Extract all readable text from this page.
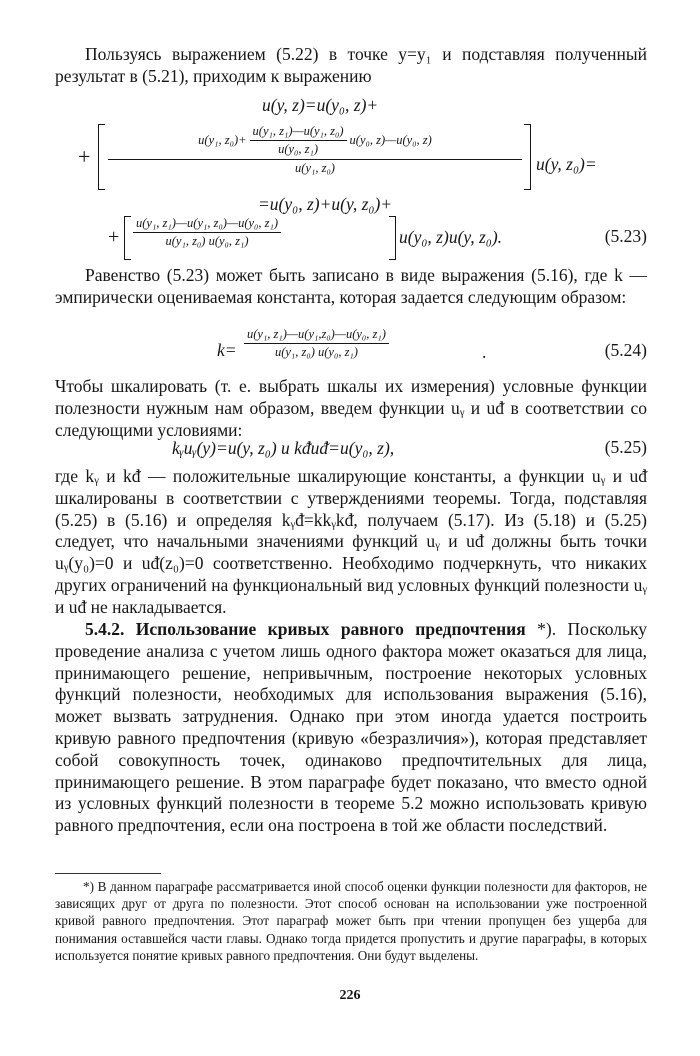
Пользуясь выражением (5.22) в точке y=y₁ и подставляя полученный результат в (5.21), приходим к выражению
u(y, z)=u(y₀, z)+
+
u(y₁, $z_0)+ \frac{\text{u(y₁, z₁)—u(y₁, z₀)}}{\text{u(y₀, z₁)}} u(y_0$, z)—u(y₀, z)
u(y₁, z₀)	u(y, z₀)=
=u(y₀, z)+u(y, z₀)+
+ $\frac{\text{u(y₁, z₁)—u(y₁, z₀)—u(y₀, z₁)}}{\text{u(y₁, z₀) u(y₀, z₁)}}$	u(y₀, z)u(y, z₀).	(5.23)
Равенство (5.23) может быть записано в виде выражения (5.16), где k — эмпирически оцениваемая константа, которая задается следующим образом:
$k= \frac{\text{u(y₁, z₁)—u(y₁,z₀)—u(y₀, z₁)}}{\text{u(y₁, z₀) u(y₀, z₁)}}$	.	(5.24)
Чтобы шкалировать (т. е. выбрать шкалы их измерения) условные функции полезности нужным нам образом, введем функции uᵧ и uᵭ в соответствии со следующими условиями:
kᵧuᵧ(y)=u(y, z₀) и kᵭuᵭ=u(y₀, z),	(5.25)
где kᵧ и kᵭ — положительные шкалирующие константы, а функции uᵧ и uᵭ шкалированы в соответствии с утверждениями теоремы. Тогда, подставляя (5.25) в (5.16) и определяя kᵧᵭ=kkᵧkᵭ, получаем (5.17). Из (5.18) и (5.25) следует, что начальными значениями функций uᵧ и uᵭ должны быть точки uᵧ(y₀)=0 и uᵭ(z₀)=0 соответственно. Необходимо подчеркнуть, что никаких других ограничений на функциональный вид условных функций полезности uᵧ и uᵭ не накладывается.
5.4.2. Использование кривых равного предпочтения *). Поскольку проведение анализа с учетом лишь одного фактора может оказаться для лица, принимающего решение, непривычным, построение некоторых условных функций полезности, необходимых для использования выражения (5.16), может вызвать затруднения. Однако при этом иногда удается построить кривую равного предпочтения (кривую «безразличия»), которая представляет собой совокупность точек, одинаково предпочтительных для лица, принимающего решение. В этом параграфе будет показано, что вместо одной из условных функций полезности в теореме 5.2 можно использовать кривую равного предпочтения, если она построена в той же области последствий.
*) В данном параграфе рассматривается иной способ оценки функции полезности для факторов, не зависящих друг от друга по полезности. Этот способ основан на использовании уже построенной кривой равного предпочтения. Этот параграф может быть при чтении пропущен без ущерба для понимания оставшейся части главы. Однако тогда придется пропустить и другие параграфы, в которых используется понятие кривых равного предпочтения. Они будут выделены.
226
